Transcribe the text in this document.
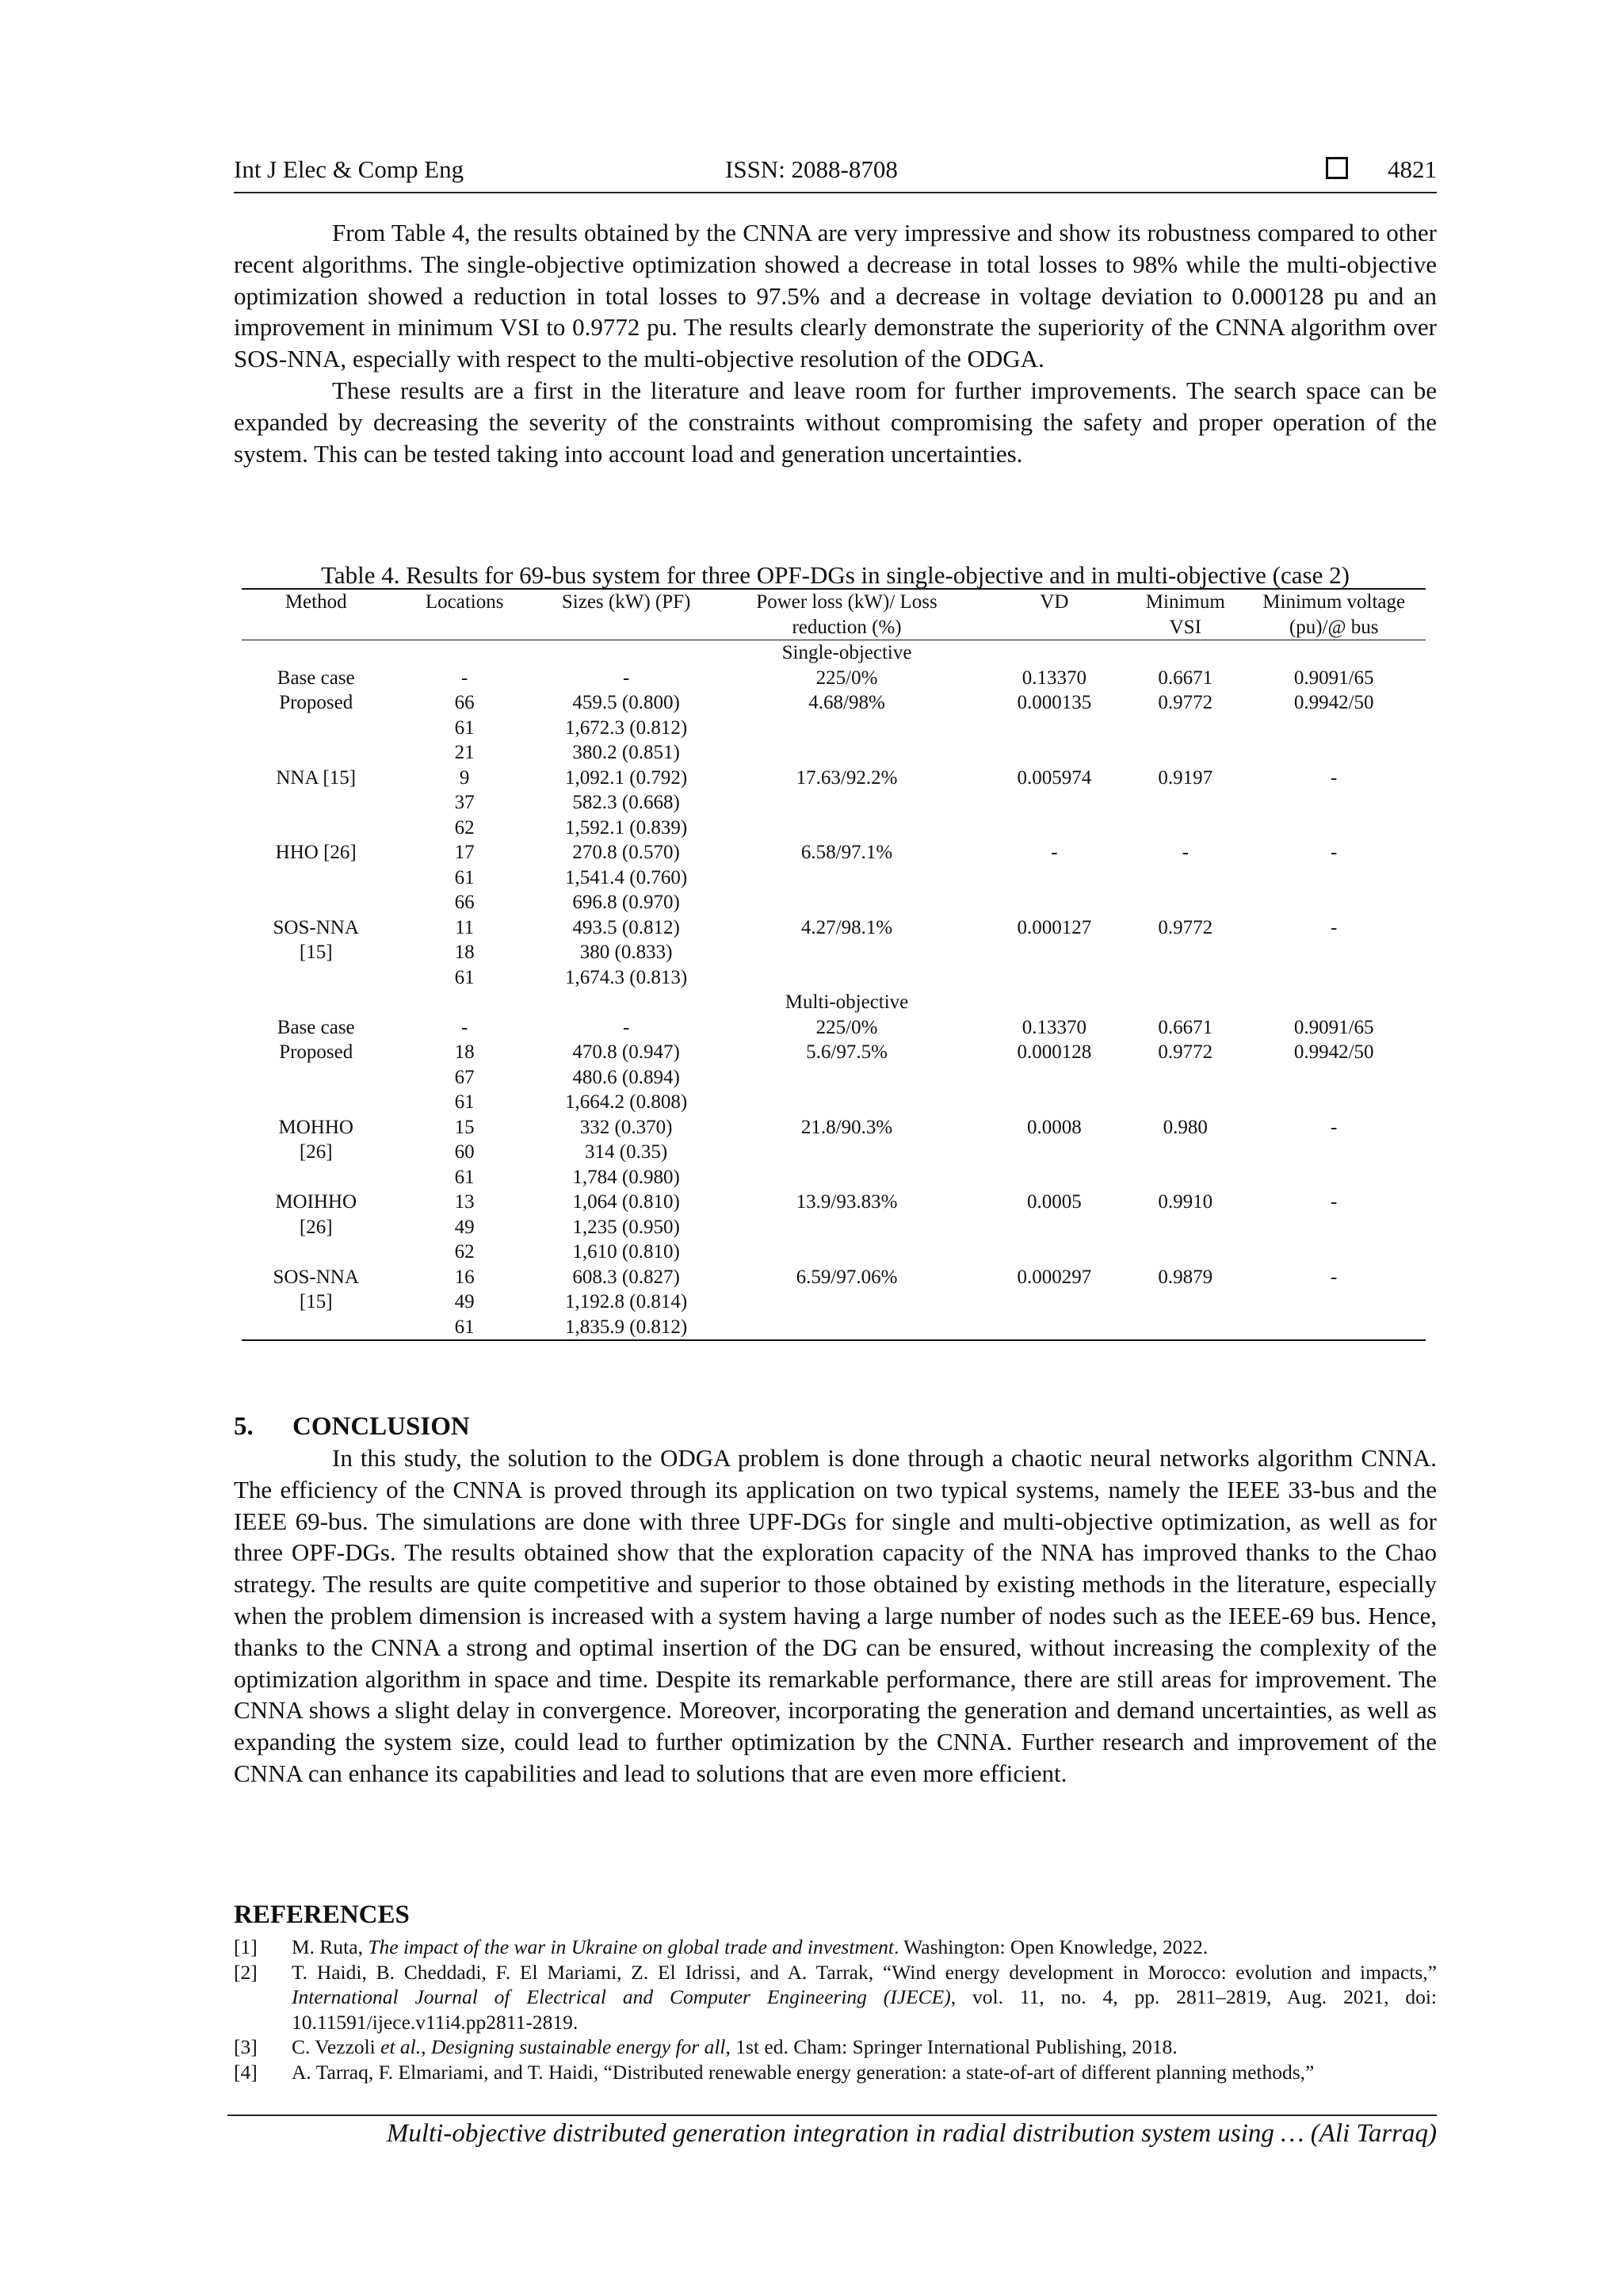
Int J Elec & Comp Eng	ISSN: 2088-8708	4821

From Table 4, the results obtained by the CNNA are very impressive and show its robustness compared to other recent algorithms. The single-objective optimization showed a decrease in total losses to 98% while the multi-objective optimization showed a reduction in total losses to 97.5% and a decrease in voltage deviation to 0.000128 pu and an improvement in minimum VSI to 0.9772 pu. The results clearly demonstrate the superiority of the CNNA algorithm over SOS-NNA, especially with respect to the multi-objective resolution of the ODGA.

These results are a first in the literature and leave room for further improvements. The search space can be expanded by decreasing the severity of the constraints without compromising the safety and proper operation of the system. This can be tested taking into account load and generation uncertainties.

Table 4. Results for 69-bus system for three OPF-DGs in single-objective and in multi-objective (case 2)
Method	Locations	Sizes (kW) (PF)	Power loss (kW)/ Loss	VD	Minimum	Minimum voltage
			reduction (%)		VSI	(pu)/@ bus
			Single-objective			
Base case	-	-	225/0%	0.13370	0.6671	0.9091/65
Proposed	66	459.5 (0.800)	4.68/98%	0.000135	0.9772	0.9942/50
	61	1,672.3 (0.812)				
	21	380.2 (0.851)				
NNA [15]	9	1,092.1 (0.792)	17.63/92.2%	0.005974	0.9197	-
	37	582.3 (0.668)				
	62	1,592.1 (0.839)				
HHO [26]	17	270.8 (0.570)	6.58/97.1%	-	-	-
	61	1,541.4 (0.760)				
	66	696.8 (0.970)				
SOS-NNA	11	493.5 (0.812)	4.27/98.1%	0.000127	0.9772	-
[15]	18	380 (0.833)				
	61	1,674.3 (0.813)				
			Multi-objective			
Base case	-	-	225/0%	0.13370	0.6671	0.9091/65
Proposed	18	470.8 (0.947)	5.6/97.5%	0.000128	0.9772	0.9942/50
	67	480.6 (0.894)				
	61	1,664.2 (0.808)				
MOHHO	15	332 (0.370)	21.8/90.3%	0.0008	0.980	-
[26]	60	314 (0.35)				
	61	1,784 (0.980)				
MOIHHO	13	1,064 (0.810)	13.9/93.83%	0.0005	0.9910	-
[26]	49	1,235 (0.950)				
	62	1,610 (0.810)				
SOS-NNA	16	608.3 (0.827)	6.59/97.06%	0.000297	0.9879	-
[15]	49	1,192.8 (0.814)				
	61	1,835.9 (0.812)				
5. CONCLUSION

In this study, the solution to the ODGA problem is done through a chaotic neural networks algorithm CNNA. The efficiency of the CNNA is proved through its application on two typical systems, namely the IEEE 33-bus and the IEEE 69-bus. The simulations are done with three UPF-DGs for single and multi-objective optimization, as well as for three OPF-DGs. The results obtained show that the exploration capacity of the NNA has improved thanks to the Chao strategy. The results are quite competitive and superior to those obtained by existing methods in the literature, especially when the problem dimension is increased with a system having a large number of nodes such as the IEEE-69 bus. Hence, thanks to the CNNA a strong and optimal insertion of the DG can be ensured, without increasing the complexity of the optimization algorithm in space and time. Despite its remarkable performance, there are still areas for improvement. The CNNA shows a slight delay in convergence. Moreover, incorporating the generation and demand uncertainties, as well as expanding the system size, could lead to further optimization by the CNNA. Further research and improvement of the CNNA can enhance its capabilities and lead to solutions that are even more efficient.

REFERENCES
[1] M. Ruta, The impact of the war in Ukraine on global trade and investment. Washington: Open Knowledge, 2022.
[2] T. Haidi, B. Cheddadi, F. El Mariami, Z. El Idrissi, and A. Tarrak, “Wind energy development in Morocco: evolution and impacts,” International Journal of Electrical and Computer Engineering (IJECE), vol. 11, no. 4, pp. 2811–2819, Aug. 2021, doi: 10.11591/ijece.v11i4.pp2811-2819.
[3] C. Vezzoli et al., Designing sustainable energy for all, 1st ed. Cham: Springer International Publishing, 2018.
[4] A. Tarraq, F. Elmariami, and T. Haidi, “Distributed renewable energy generation: a state-of-art of different planning methods,”
Multi-objective distributed generation integration in radial distribution system using … (Ali Tarraq)
